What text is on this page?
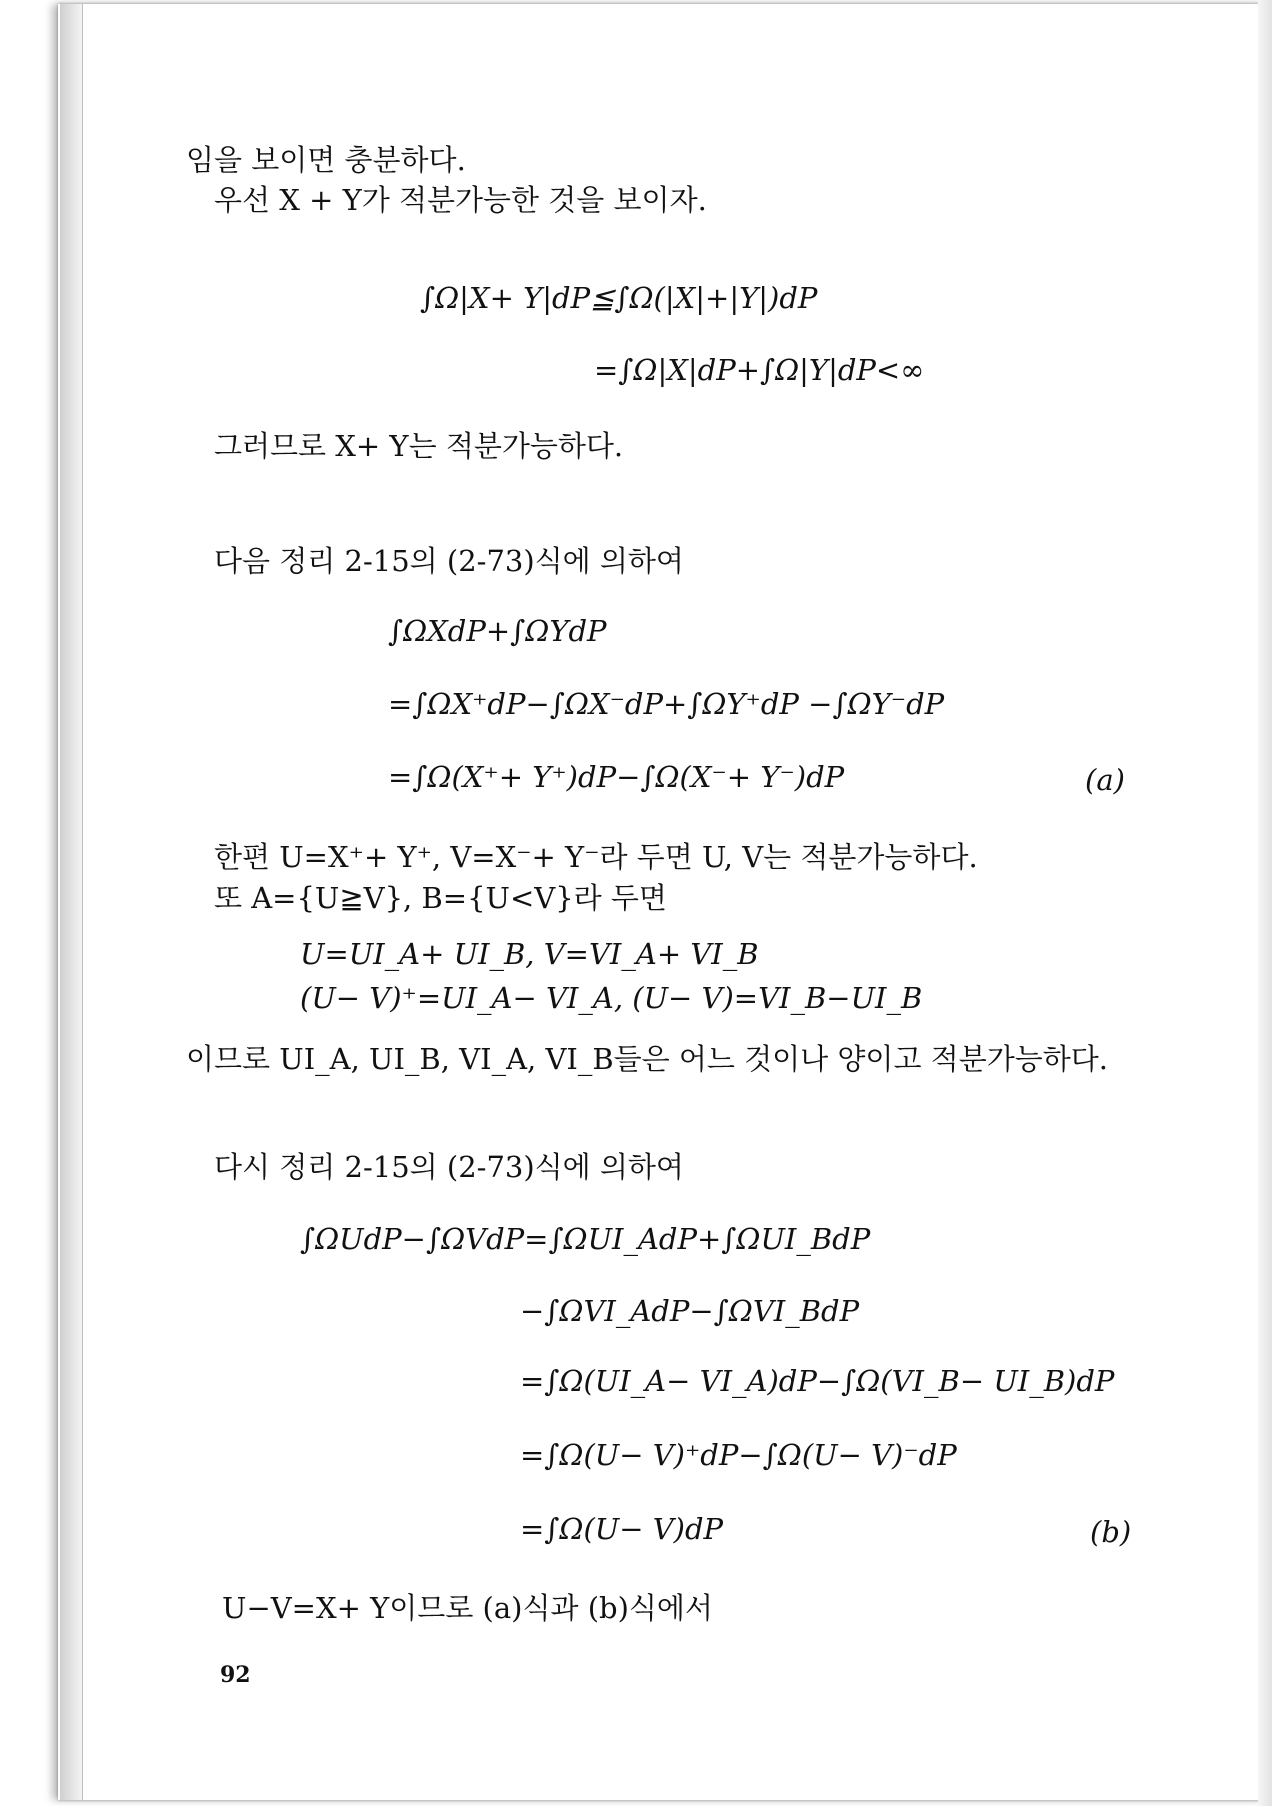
임을 보이면 충분하다.
우선 X + Y가 적분가능한 것을 보이자.
∫Ω|X+ Y|dP≦∫Ω(|X|+|Y|)dP
=∫Ω|X|dP+∫Ω|Y|dP<∞
그러므로 X+ Y는 적분가능하다.
다음 정리 2-15의 (2-73)식에 의하여
∫ΩXdP+∫ΩYdP
=∫ΩX⁺dP−∫ΩX⁻dP+∫ΩY⁺dP −∫ΩY⁻dP
=∫Ω(X⁺+ Y⁺)dP−∫Ω(X⁻+ Y⁻)dP	(a)
한편 U=X⁺+ Y⁺, V=X⁻+ Y⁻라 두면 U, V는 적분가능하다.
또 A={U≧V}, B={U<V}라 두면
U=UI_A+ UI_B, V=VI_A+ VI_B
(U− V)⁺=UI_A− VI_A, (U− V)=VI_B−UI_B
이므로 UI_A, UI_B, VI_A, VI_B들은 어느 것이나 양이고 적분가능하다.
다시 정리 2-15의 (2-73)식에 의하여
∫ΩUdP−∫ΩVdP=∫ΩUI_AdP+∫ΩUI_BdP
−∫ΩVI_AdP−∫ΩVI_BdP
=∫Ω(UI_A− VI_A)dP−∫Ω(VI_B− UI_B)dP
=∫Ω(U− V)⁺dP−∫Ω(U− V)⁻dP
=∫Ω(U− V)dP	(b)
U−V=X+ Y이므로 (a)식과 (b)식에서
92
